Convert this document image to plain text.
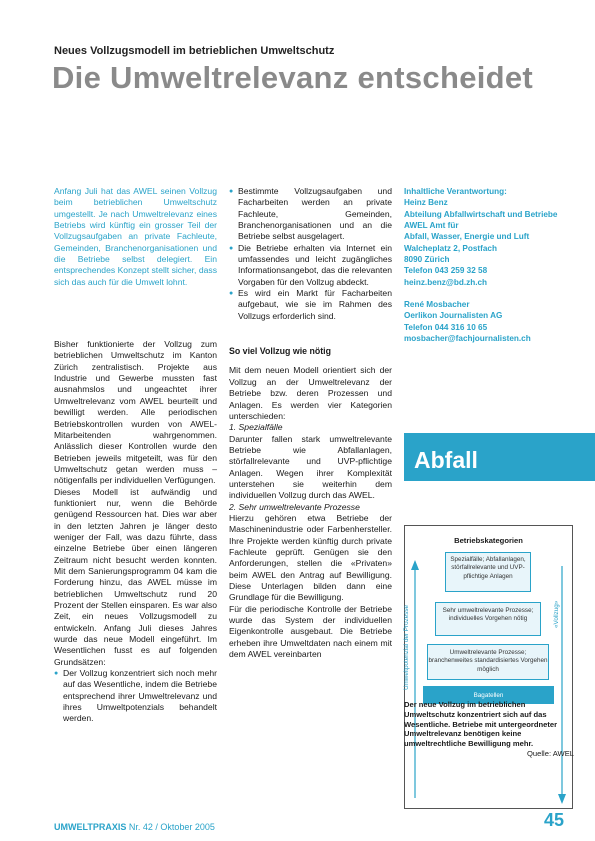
Neues Vollzugsmodell im betrieblichen Umweltschutz
Die Umweltrelevanz entscheidet

Anfang Juli hat das AWEL seinen Vollzug beim betrieblichen Umweltschutz umgestellt. Je nach Umweltrelevanz eines Betriebs wird künftig ein grosser Teil der Vollzugsaufgaben an private Fachleute, Gemeinden, Branchenorganisationen und die Betriebe selbst delegiert. Ein entsprechendes Konzept stellt sicher, dass sich das auch für die Umwelt lohnt.

Bisher funktionierte der Vollzug zum betrieblichen Umweltschutz im Kanton Zürich zentralistisch. Projekte aus Industrie und Gewerbe mussten fast ausnahmslos und ungeachtet ihrer Umweltrelevanz vom AWEL beurteilt und bewilligt werden. Alle periodischen Betriebskontrollen wurden von AWEL-Mitarbeitenden wahrgenommen. Anlässlich dieser Kontrollen wurde den Betrieben jeweils mitgeteilt, was für den Umweltschutz getan werden muss – nötigenfalls per individuellen Verfügungen.

Dieses Modell ist aufwändig und funktioniert nur, wenn die Behörde genügend Ressourcen hat. Dies war aber in den letzten Jahren je länger desto weniger der Fall, was dazu führte, dass einzelne Betriebe über einen längeren Zeitraum nicht besucht werden konnten. Mit dem Sanierungsprogramm 04 kam die Forderung hinzu, das AWEL müsse im betrieblichen Umweltschutz rund 20 Prozent der Stellen einsparen. Es war also Zeit, ein neues Vollzugsmodell zu entwickeln. Anfang Juli dieses Jahres wurde das neue Modell eingeführt. Im Wesentlichen fusst es auf folgenden Grundsätzen:

● Der Vollzug konzentriert sich noch mehr auf das Wesentliche, indem die Betriebe entsprechend ihrer Umweltrelevanz und ihres Umweltpotenzials behandelt werden.
● Bestimmte Vollzugsaufgaben und Facharbeiten werden an private Fachleute, Gemeinden, Branchenorganisationen und an die Betriebe selbst ausgelagert.
● Die Betriebe erhalten via Internet ein umfassendes und leicht zugängliches Informationsangebot, das die relevanten Vorgaben für den Vollzug abdeckt.
● Es wird ein Markt für Facharbeiten aufgebaut, wie sie im Rahmen des Vollzugs erforderlich sind.
So viel Vollzug wie nötig

Mit dem neuen Modell orientiert sich der Vollzug an der Umweltrelevanz der Betriebe bzw. deren Prozessen und Anlagen. Es werden vier Kategorien unterschieden:

1. Spezialfälle

Darunter fallen stark umweltrelevante Betriebe wie Abfallanlagen, störfallrelevante und UVP-pflichtige Anlagen. Wegen ihrer Komplexität unterstehen sie weiterhin dem individuellen Vollzug durch das AWEL.

2. Sehr umweltrelevante Prozesse

Hierzu gehören etwa Betriebe der Maschinenindustrie oder Farbenhersteller. Ihre Projekte werden künftig durch private Fachleute geprüft. Genügen sie den Anforderungen, stellen die «Privaten» beim AWEL den Antrag auf Bewilligung. Diese Unterlagen bilden dann eine Grundlage für die Bewilligung.

Für die periodische Kontrolle der Betriebe wurde das System der individuellen Eigenkontrolle ausgebaut. Die Betriebe erheben ihre Umweltdaten nach einem mit dem AWEL vereinbarten

Inhaltliche Verantwortung:
Heinz Benz
Abteilung Abfallwirtschaft und Betriebe
AWEL Amt für
Abfall, Wasser, Energie und Luft
Walcheplatz 2, Postfach
8090 Zürich
Telefon 043 259 32 58
heinz.benz@bd.zh.ch
René Mosbacher
Oerlikon Journalisten AG
Telefon 044 316 10 65
mosbacher@fachjournalisten.ch
Abfall
Betriebskategorien
Spezialfälle; Abfallanlagen, störfallrelevante und UVP-pflichtige Anlagen
Sehr umweltrelevante Prozesse; individuelles Vorgehen nötig
Umweltrelevante Prozesse; branchenweites standardisiertes Vorgehen möglich
Bagatellen
Umweltpotenzial der Prozesse	«Vollzug»
Der neue Vollzug im betrieblichen Umweltschutz konzentriert sich auf das Wesentliche. Betriebe mit untergeordneter Umweltrelevanz benötigen keine umweltrechtliche Bewilligung mehr.
Quelle: AWEL
UMWELTPRAXIS Nr. 42 / Oktober 2005	45
